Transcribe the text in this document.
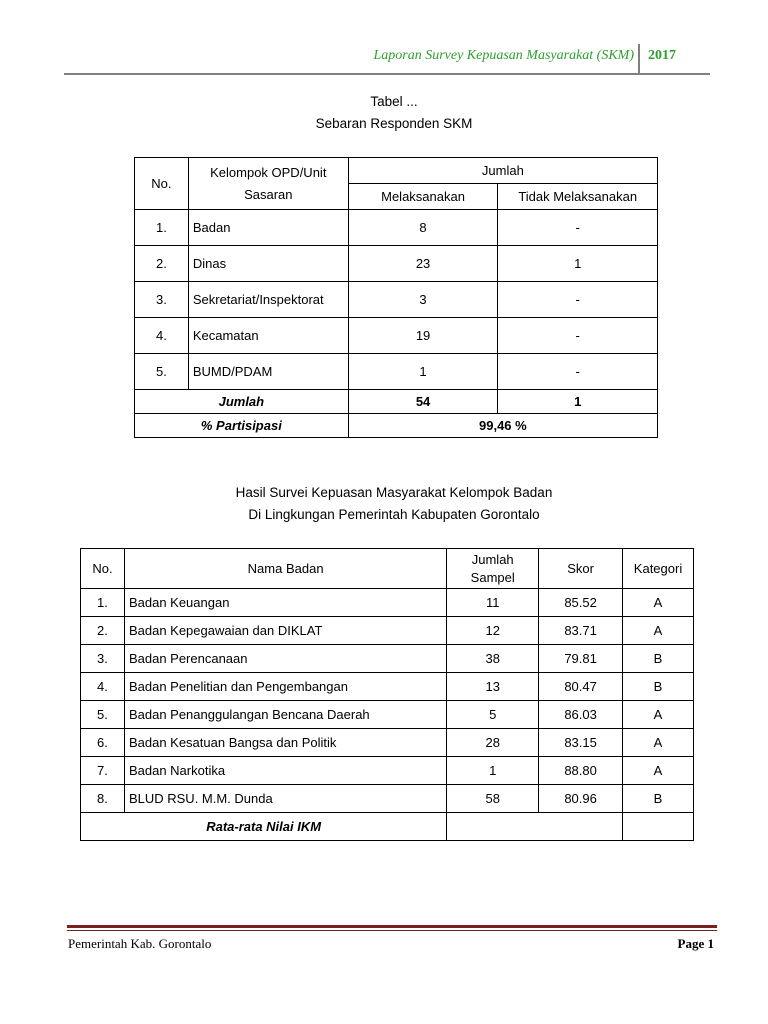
Laporan Survey Kepuasan Masyarakat (SKM) 2017
Tabel ...
Sebaran Responden SKM
No.	Kelompok OPD/Unit Sasaran	Jumlah	
		Melaksanakan	Tidak Melaksanakan
1.	Badan	8	-
2.	Dinas	23	1
3.	Sekretariat/Inspektorat	3	-
4.	Kecamatan	19	-
5.	BUMD/PDAM	1	-
Jumlah		54	1
% Partisipasi		99,46 %	
Hasil Survei Kepuasan Masyarakat Kelompok Badan
Di Lingkungan Pemerintah Kabupaten Gorontalo
No.	Nama Badan	Jumlah Sampel	Skor	Kategori
1.	Badan Keuangan	11	85.52	A
2.	Badan Kepegawaian dan DIKLAT	12	83.71	A
3.	Badan Perencanaan	38	79.81	B
4.	Badan Penelitian dan Pengembangan	13	80.47	B
5.	Badan Penanggulangan Bencana Daerah	5	86.03	A
6.	Badan Kesatuan Bangsa dan Politik	28	83.15	A
7.	Badan Narkotika	1	88.80	A
8.	BLUD RSU. M.M. Dunda	58	80.96	B
Rata-rata Nilai IKM				
Pemerintah Kab. Gorontalo	Page 1
